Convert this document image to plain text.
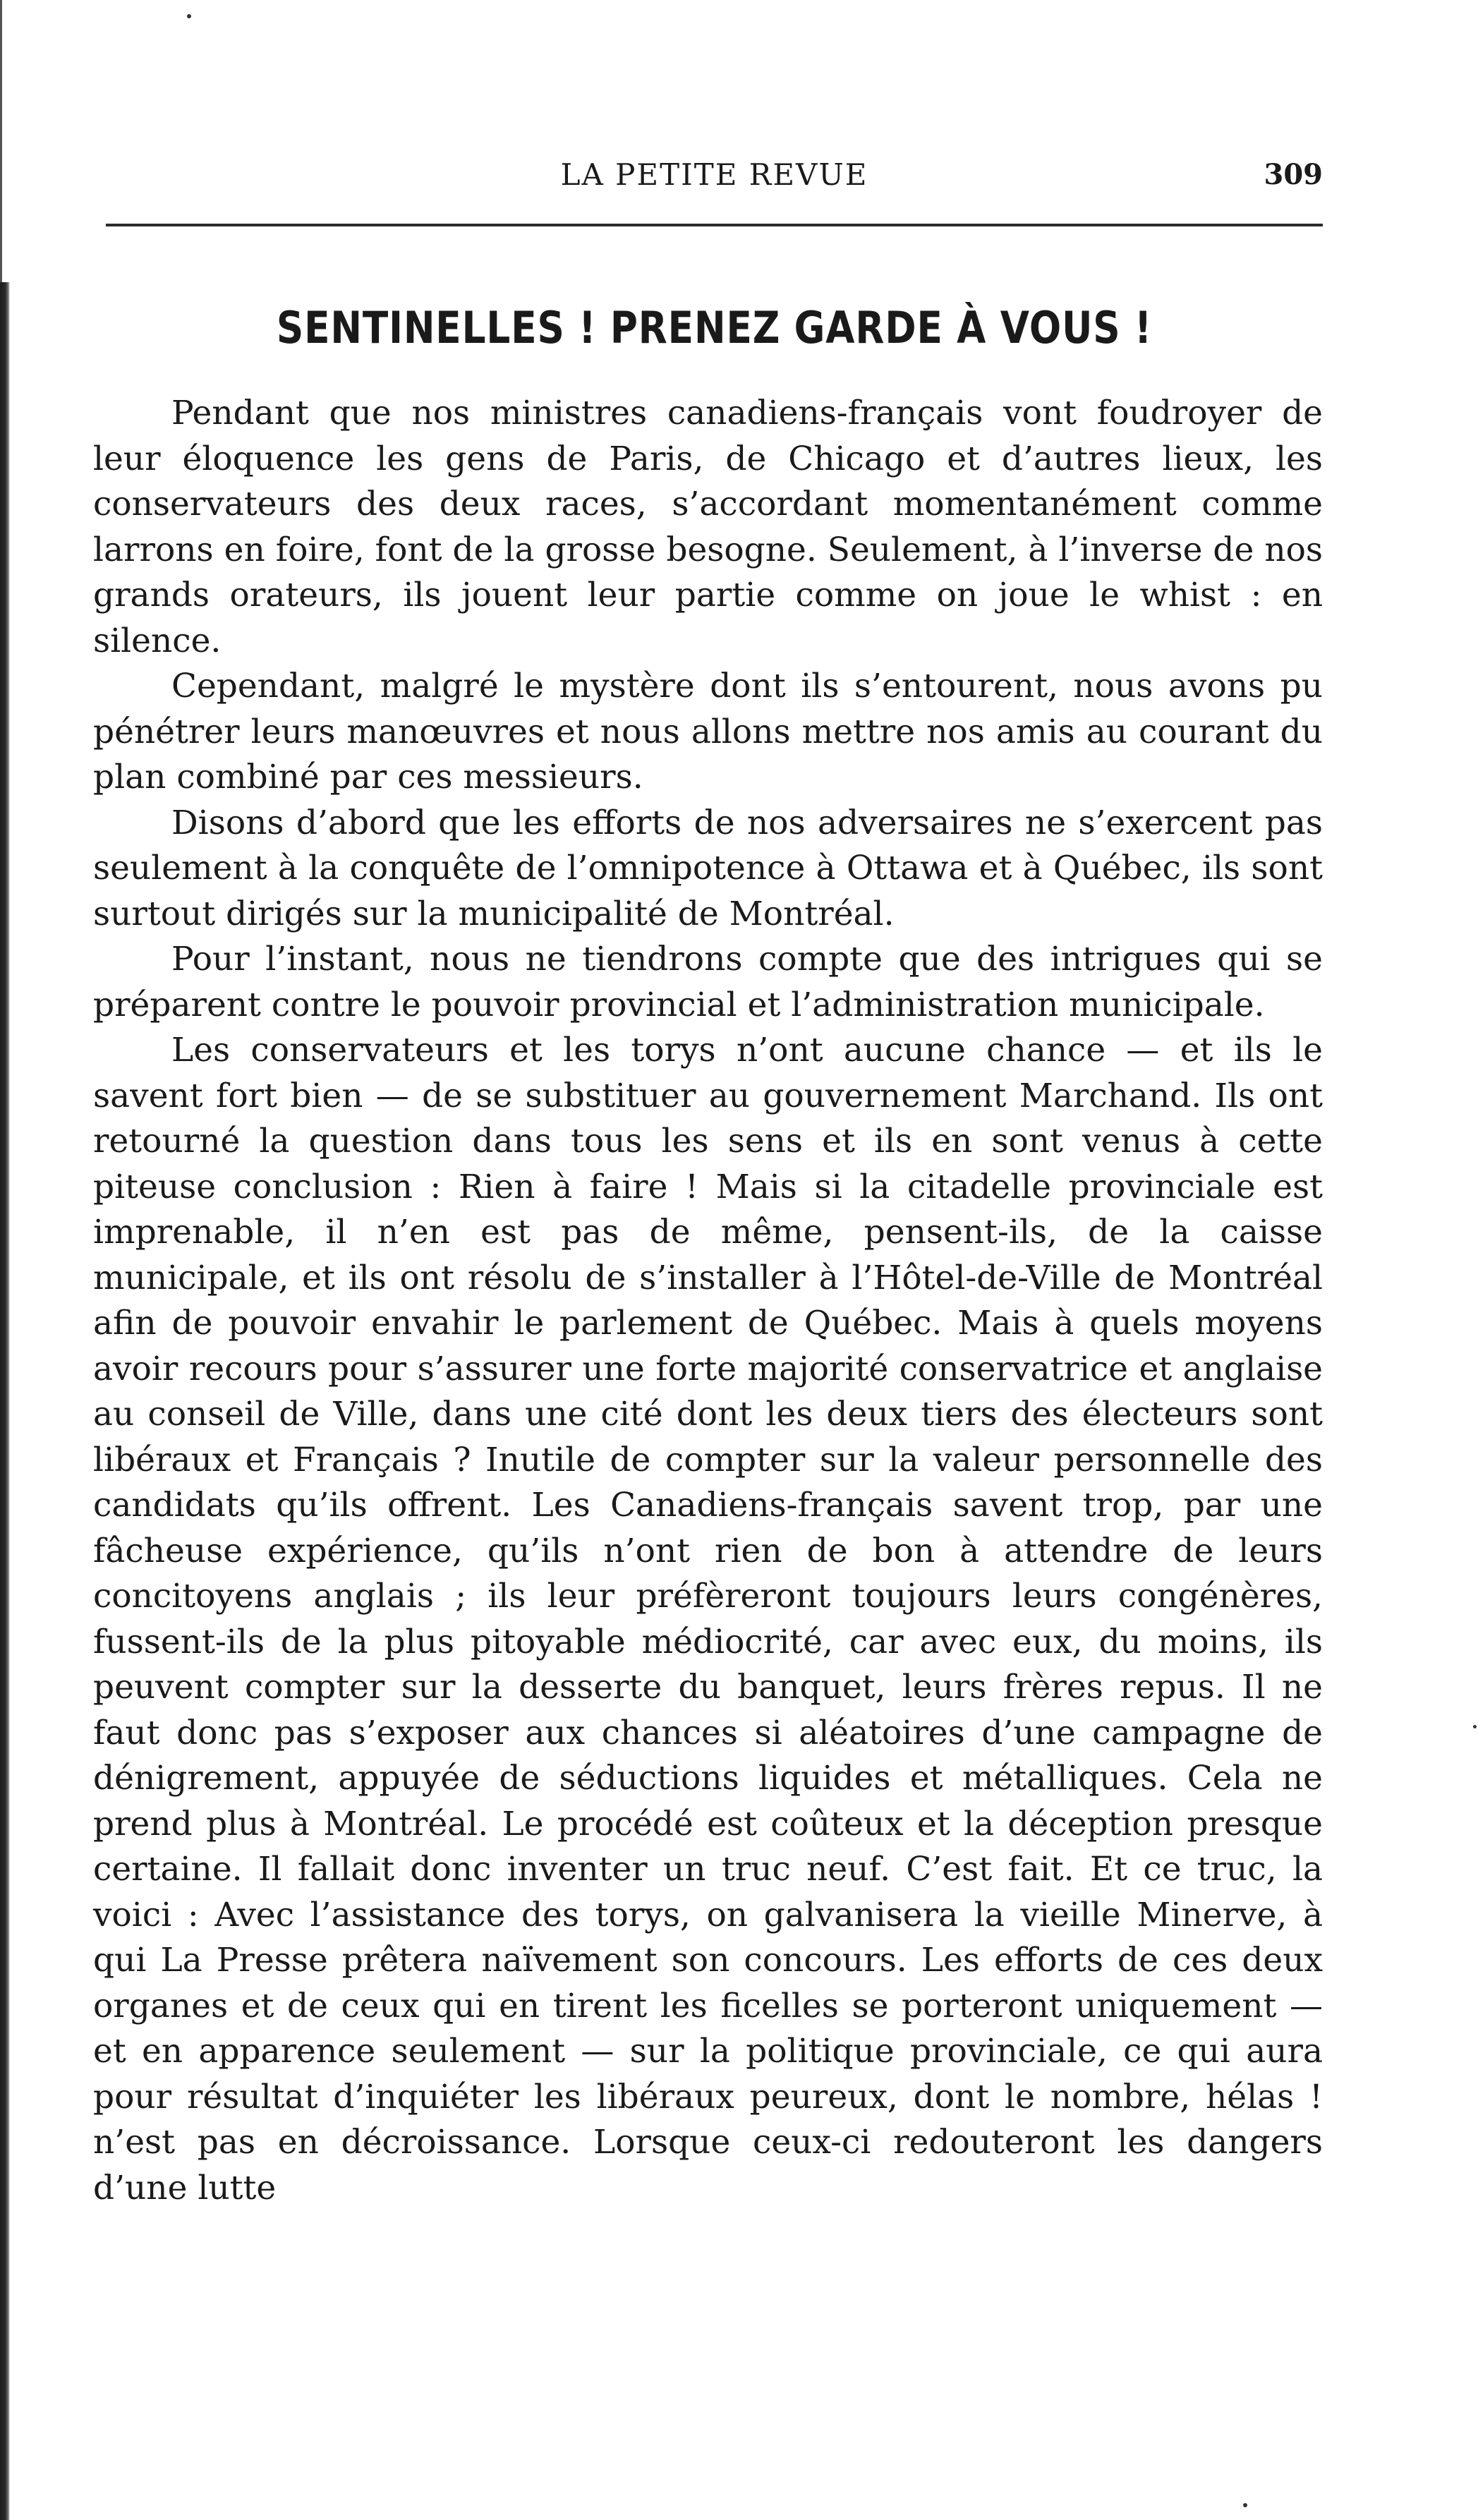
LA PETITE REVUE	309
SENTINELLES ! PRENEZ GARDE À VOUS !

Pendant que nos ministres canadiens-français vont foudroyer de leur éloquence les gens de Paris, de Chicago et d’autres lieux, les conservateurs des deux races, s’accordant momentanément comme larrons en foire, font de la grosse besogne. Seulement, à l’inverse de nos grands orateurs, ils jouent leur partie comme on joue le whist : en silence.

Cependant, malgré le mystère dont ils s’entourent, nous avons pu pénétrer leurs manœuvres et nous allons mettre nos amis au courant du plan combiné par ces messieurs.

Disons d’abord que les efforts de nos adversaires ne s’exercent pas seulement à la conquête de l’omnipotence à Ottawa et à Québec, ils sont surtout dirigés sur la municipalité de Montréal.

Pour l’instant, nous ne tiendrons compte que des intrigues qui se préparent contre le pouvoir provincial et l’administration municipale.

Les conservateurs et les torys n’ont aucune chance — et ils le savent fort bien — de se substituer au gouvernement Marchand. Ils ont retourné la question dans tous les sens et ils en sont venus à cette piteuse conclusion : Rien à faire ! Mais si la citadelle provinciale est imprenable, il n’en est pas de même, pensent-ils, de la caisse municipale, et ils ont résolu de s’installer à l’Hôtel-de-Ville de Montréal afin de pouvoir envahir le parlement de Québec. Mais à quels moyens avoir recours pour s’assurer une forte majorité conservatrice et anglaise au conseil de Ville, dans une cité dont les deux tiers des électeurs sont libéraux et Français ? Inutile de compter sur la valeur personnelle des candidats qu’ils offrent. Les Canadiens-français savent trop, par une fâcheuse expérience, qu’ils n’ont rien de bon à attendre de leurs concitoyens anglais ; ils leur préfèreront toujours leurs congénères, fussent-ils de la plus pitoyable médiocrité, car avec eux, du moins, ils peuvent compter sur la desserte du banquet, leurs frères repus. Il ne faut donc pas s’exposer aux chances si aléatoires d’une campagne de dénigrement, appuyée de séductions liquides et métalliques. Cela ne prend plus à Montréal. Le procédé est coûteux et la déception presque certaine. Il fallait donc inventer un truc neuf. C’est fait. Et ce truc, la voici : Avec l’assistance des torys, on galvanisera la vieille Minerve, à qui La Presse prêtera naïvement son concours. Les efforts de ces deux organes et de ceux qui en tirent les ficelles se porteront uniquement — et en apparence seulement — sur la politique provinciale, ce qui aura pour résultat d’inquiéter les libéraux peureux, dont le nombre, hélas ! n’est pas en décroissance. Lorsque ceux-ci redouteront les dangers d’une lutte
